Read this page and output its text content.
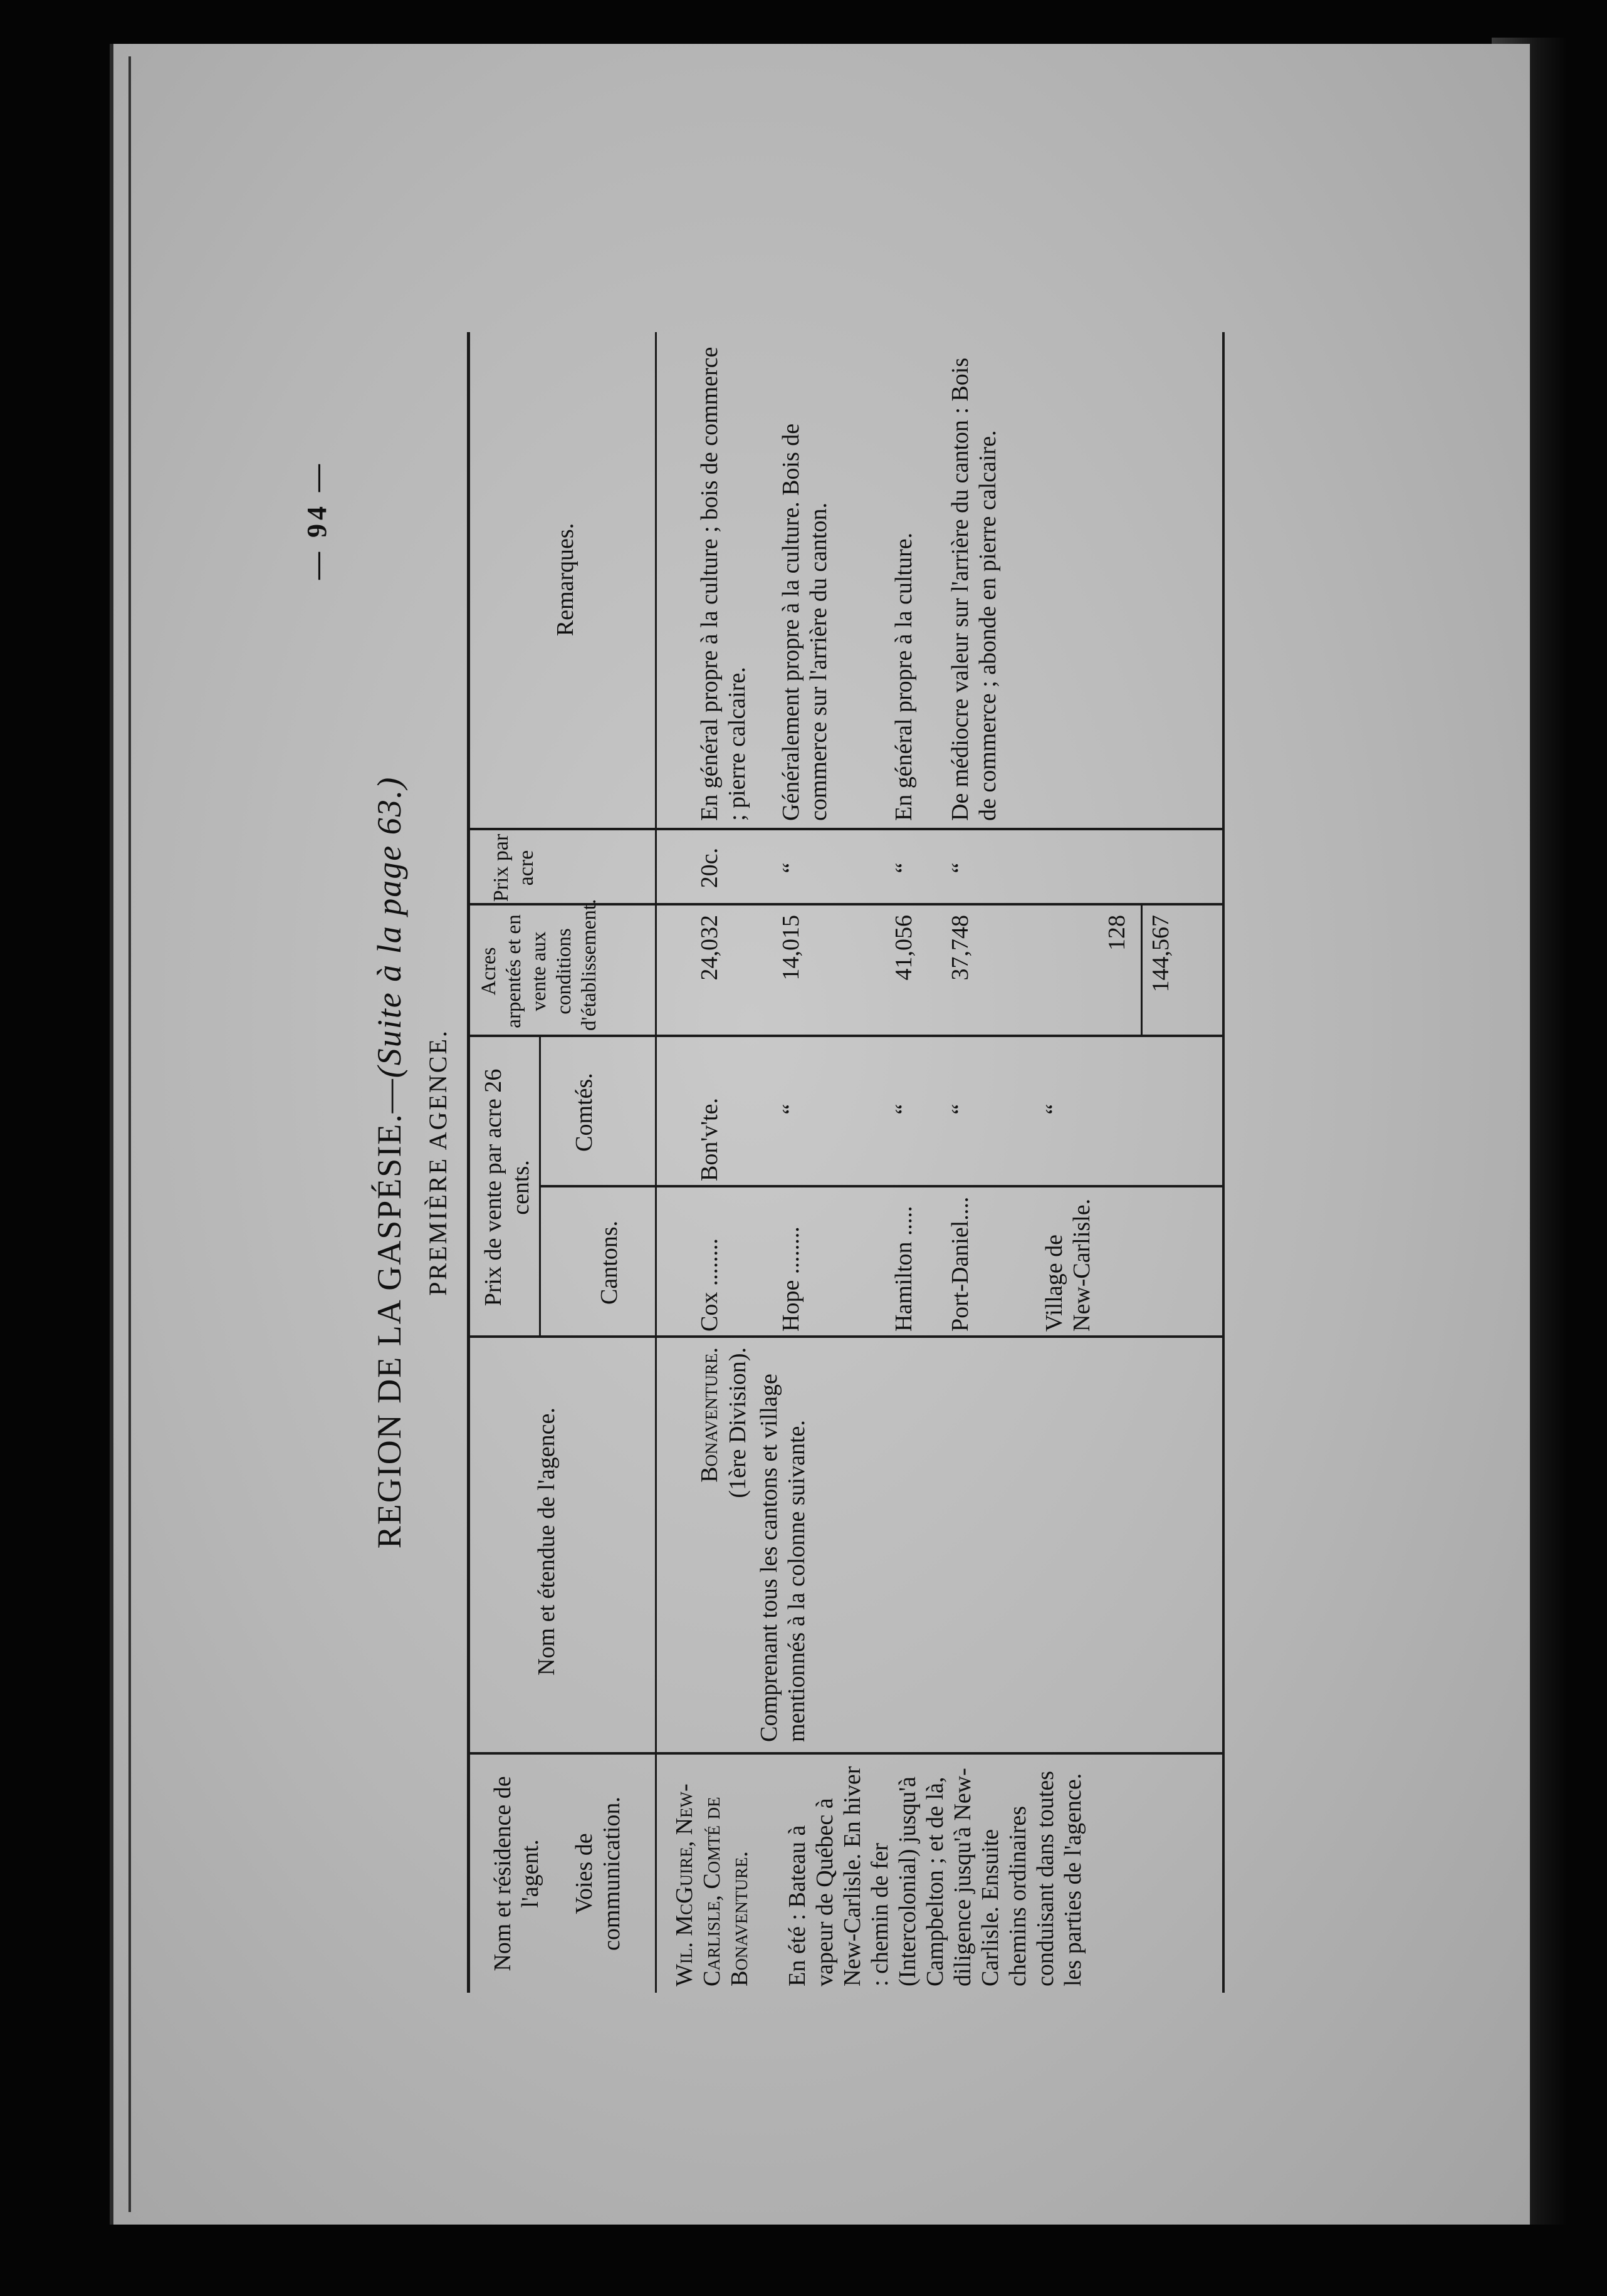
— 94 —
REGION DE LA GASPÉSIE.—(Suite à la page 63.)
PREMIÈRE AGENCE.
Nom et résidence de l'agent. Voies de communication.
Nom et étendue de l'agence.
Prix de vente par acre 26 cents.
Cantons.
Comtés.
Acres arpentés et en vente aux conditions d'établissement.
Prix par acre
Remarques.
Wil. McGuire, New-Carlisle, Comté de Bonaventure. En été : Bateau à vapeur de Québec à New-Carlisle. En hiver : chemin de fer (Intercolonial) jusqu'à Campbelton ; et de là, diligence jusqu'à New-Carlisle. Ensuite chemins ordinaires conduisant dans toutes les parties de l'agence.
Bonaventure. (1ère Division). Comprenant tous les cantons et village mentionnés à la colonne suivante.
Cox ........
Bon'v'te.
24,032
20c.
En général propre à la culture ; bois de commerce ; pierre calcaire.
Hope ........
“
14,015
“
Généralement propre à la culture. Bois de commerce sur l'arrière du canton.
Hamilton .....
“
41,056
“
En général propre à la culture.
Port-Daniel....
“
37,748
“
De médiocre valeur sur l'arrière du canton : Bois de commerce ; abonde en pierre calcaire.
Village de New-Carlisle.
“
128 144,567
